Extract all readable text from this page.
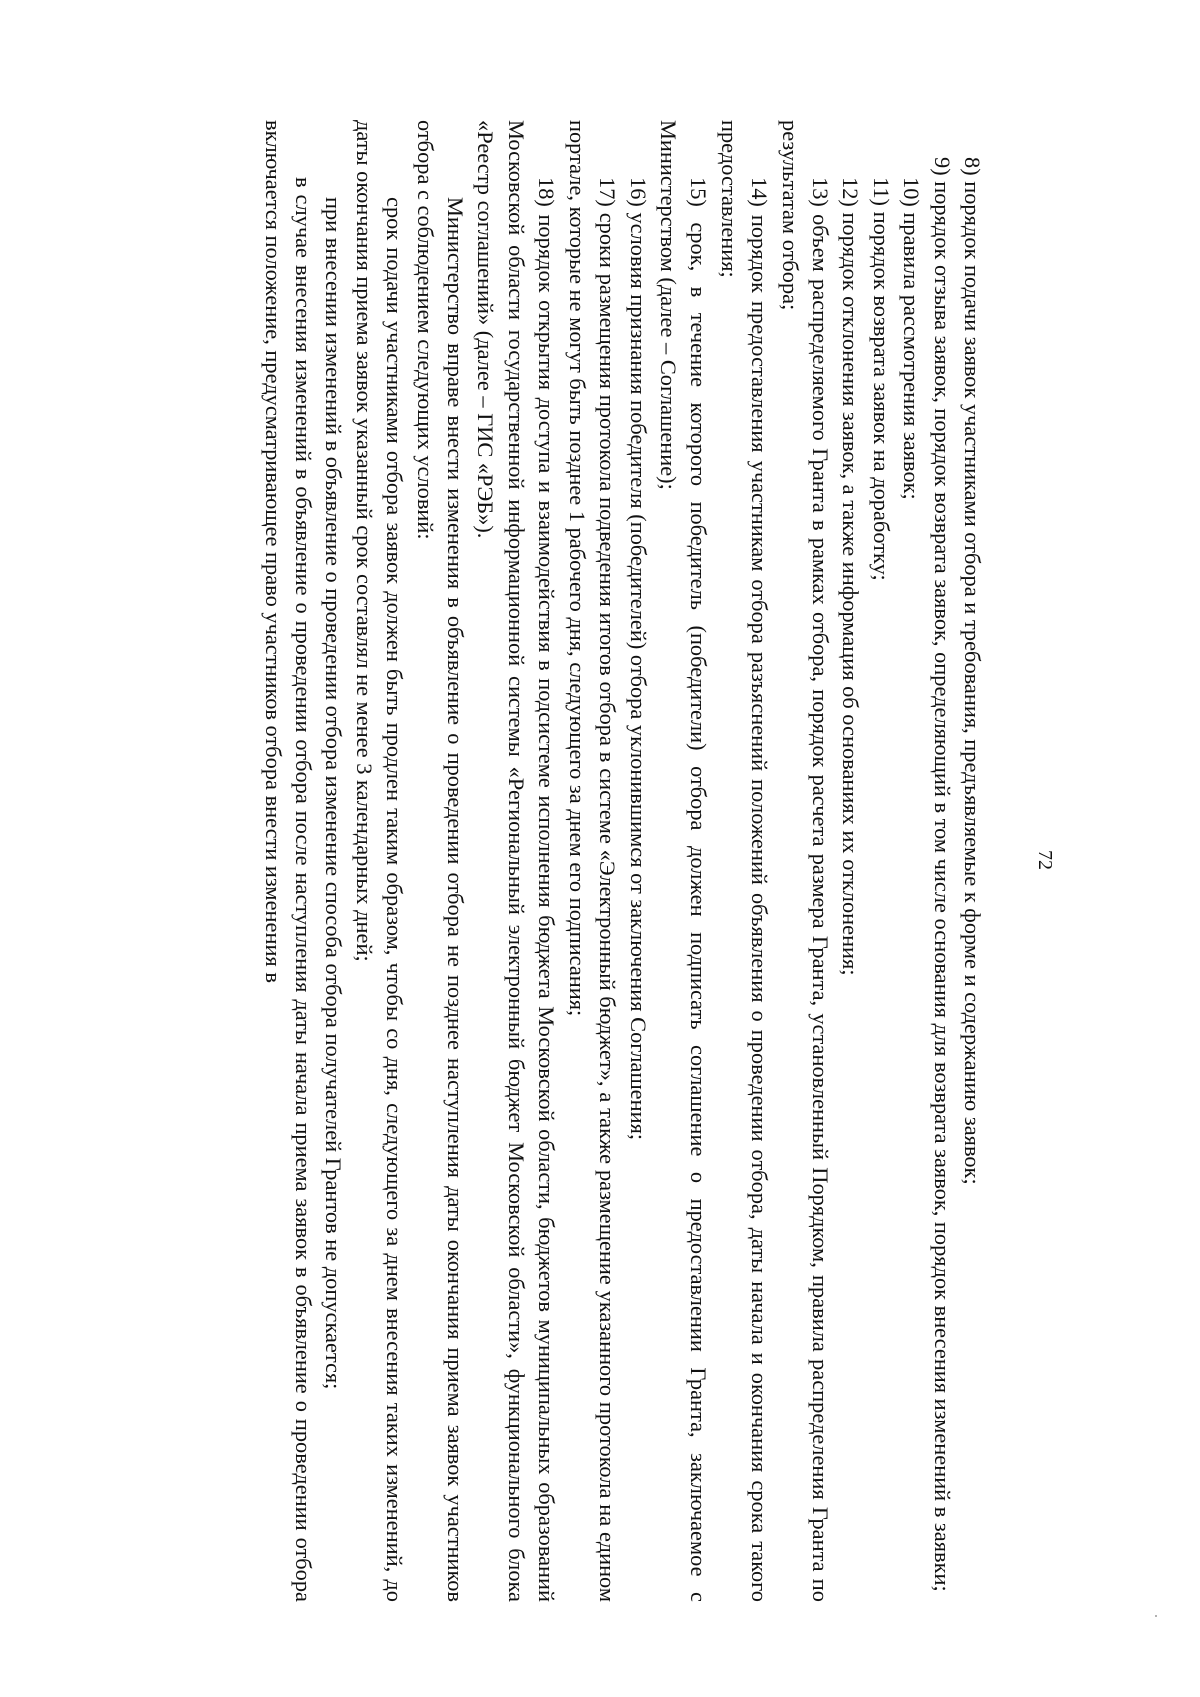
72

8) порядок подачи заявок участниками отбора и требования, предъявляемые к форме и содержанию заявок;

9) порядок отзыва заявок, порядок возврата заявок, определяющий в том числе основания для возврата заявок, порядок внесения изменений в заявки;

10) правила рассмотрения заявок;

11) порядок возврата заявок на доработку;

12) порядок отклонения заявок, а также информация об основаниях их отклонения;

13) объем распределяемого Гранта в рамках отбора, порядок расчета размера Гранта, установленный Порядком, правила распределения Гранта по результатам отбора;

14) порядок предоставления участникам отбора разъяснений положений объявления о проведении отбора, даты начала и окончания срока такого предоставления;

15) срок, в течение которого победитель (победители) отбора должен подписать соглашение о предоставлении Гранта, заключаемое с Министерством (далее – Соглашение);

16) условия признания победителя (победителей) отбора уклонившимся от заключения Соглашения;

17) сроки размещения протокола подведения итогов отбора в системе «Электронный бюджет», а также размещение указанного протокола на едином портале, которые не могут быть позднее 1 рабочего дня, следующего за днем его подписания;

18) порядок открытия доступа и взаимодействия в подсистеме исполнения бюджета Московской области, бюджетов муниципальных образований Московской области государственной информационной системы «Региональный электронный бюджет Московской области», функционального блока «Реестр соглашений» (далее – ГИС «РЭБ»).

Министерство вправе внести изменения в объявление о проведении отбора не позднее наступления даты окончания приема заявок участников отбора с соблюдением следующих условий:

срок подачи участниками отбора заявок должен быть продлен таким образом, чтобы со дня, следующего за днем внесения таких изменений, до даты окончания приема заявок указанный срок составлял не менее 3 календарных дней;

при внесении изменений в объявление о проведении отбора изменение способа отбора получателей Грантов не допускается;

в случае внесения изменений в объявление о проведении отбора после наступления даты начала приема заявок в объявление о проведении отбора включается положение, предусматривающее право участников отбора внести изменения в
